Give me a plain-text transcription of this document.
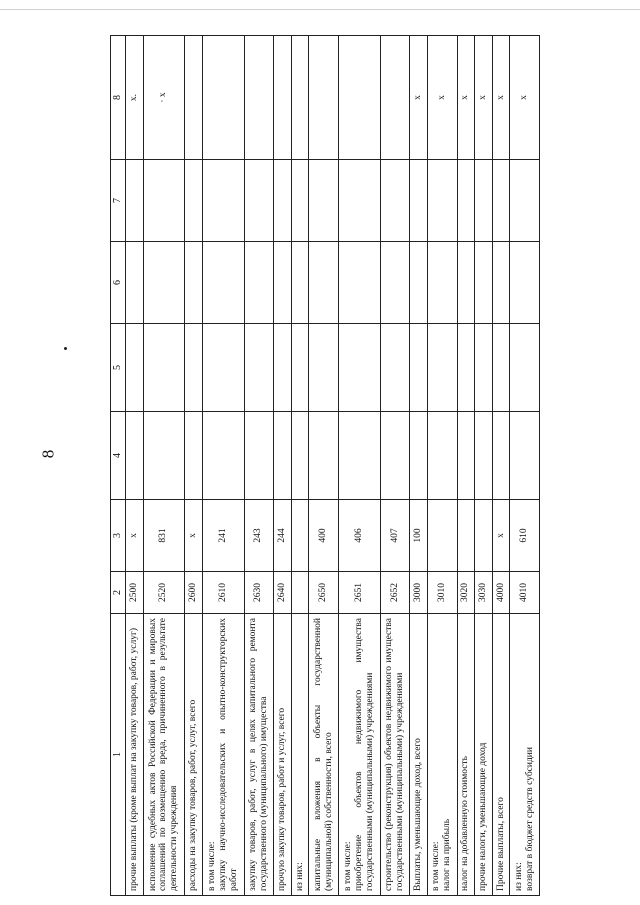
8
1	2	3	4	5	6	7	8

прочие выплаты (кроме выплат на закупку товаров, работ, услуг)	2500	х					х.

исполнение судебных актов Российской Федерации и мировых соглашений по возмещению вреда, причиненного в результате деятельности учреждения	2520	831					· х

расходы на закупку товаров, работ, услуг, всего	2600	х					

в том числе: закупку научно-исследовательских и опытно-конструкторских работ	2610	241					

закупку товаров, работ, услуг в целях капитального ремонта государственного (муниципального) имущества	2630	243					

прочую закупку товаров, работ и услуг, всего	2640	244					

из них:							

капитальные вложения в объекты государственной (муниципальной) собственности, всего	2650	400					

в том числе: приобретение объектов недвижимого имущества государственными (муниципальными) учреждениями	2651	406					

строительство (реконструкция) объектов недвижимого имущества государственными (муниципальными) учреждениями	2652	407					

Выплаты, уменьшающие доход, всего	3000	100					х

в том числе: налог на прибыль	3010						х

налог на добавленную стоимость	3020						х

прочие налоги, уменьшающие доход	3030						х

Прочие выплаты, всего	4000	х					х

из них: возврат в бюджет средств субсидии	4010	610					х
